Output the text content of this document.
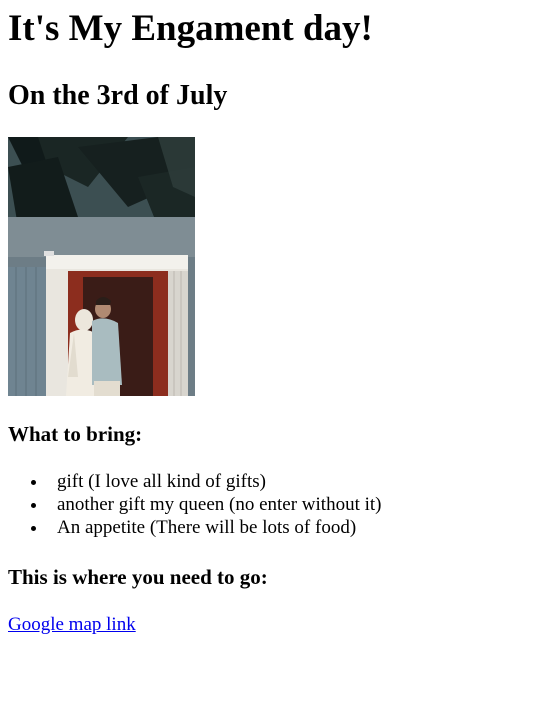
It's My Engament day!
On the 3rd of July
What to bring:
• gift (I love all kind of gifts)
• another gift my queen (no enter without it)
• An appetite (There will be lots of food)
This is where you need to go:
Google map link
